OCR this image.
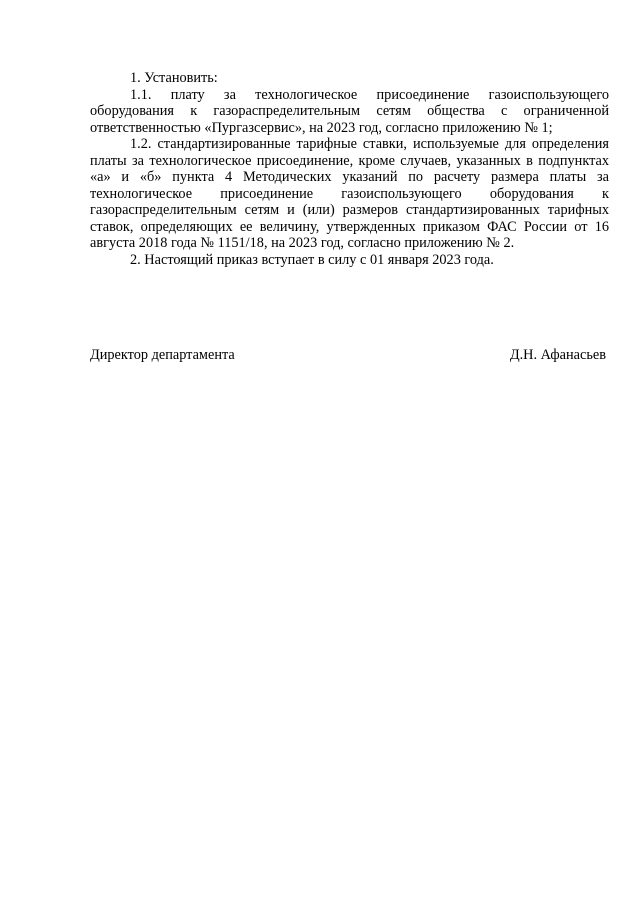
1. Установить:

1.1. плату за технологическое присоединение газоиспользующего оборудования к газораспределительным сетям общества с ограниченной ответственностью «Пургазсервис», на 2023 год, согласно приложению № 1;

1.2. стандартизированные тарифные ставки, используемые для определения платы за технологическое присоединение, кроме случаев, указанных в подпунктах «а» и «б» пункта 4 Методических указаний по расчету размера платы за технологическое присоединение газоиспользующего оборудования к газораспределительным сетям и (или) размеров стандартизированных тарифных ставок, определяющих ее величину, утвержденных приказом ФАС России от 16 августа 2018 года № 1151/18, на 2023 год, согласно приложению № 2.

2. Настоящий приказ вступает в силу с 01 января 2023 года.

Директор департамента	Д.Н. Афанасьев
